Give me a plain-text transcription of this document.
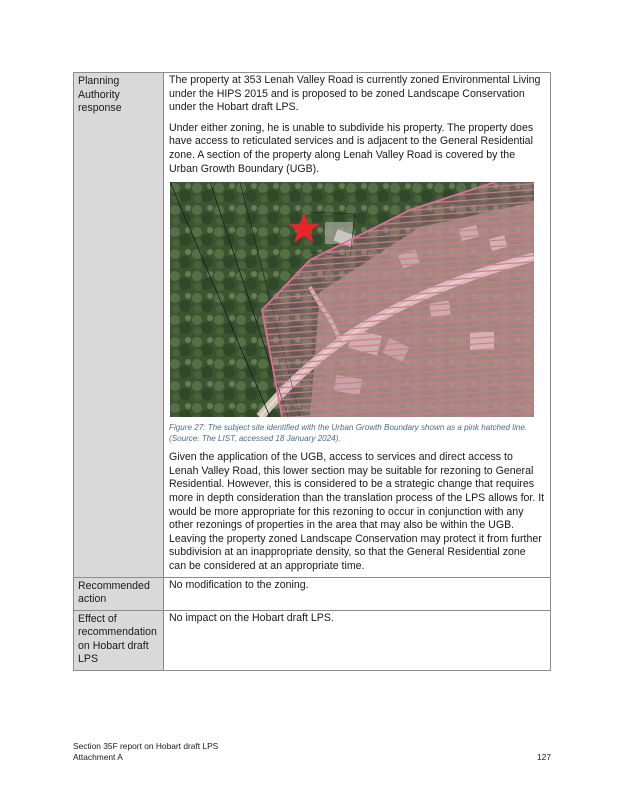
Planning Authority response	The property at 353 Lenah Valley Road is currently zoned Environmental Living under the HIPS 2015 and is proposed to be zoned Landscape Conservation under the Hobart draft LPS.

Under either zoning, he is unable to subdivide his property. The property does have access to reticulated services and is adjacent to the General Residential zone. A section of the property along Lenah Valley Road is covered by the Urban Growth Boundary (UGB).

Figure 27: The subject site identified with the Urban Growth Boundary shown as a pink hatched line. (Source: The LIST, accessed 18 January 2024).

Given the application of the UGB, access to services and direct access to Lenah Valley Road, this lower section may be suitable for rezoning to General Residential. However, this is considered to be a strategic change that requires more in depth consideration than the translation process of the LPS allows for. It would be more appropriate for this rezoning to occur in conjunction with any other rezonings of properties in the area that may also be within the UGB. Leaving the property zoned Landscape Conservation may protect it from further subdivision at an inappropriate density, so that the General Residential zone can be considered at an appropriate time.

Recommended action	No modification to the zoning.

Effect of recommendation on Hobart draft LPS	No impact on the Hobart draft LPS.

Section 35F report on Hobart draft LPS
Attachment A	127
